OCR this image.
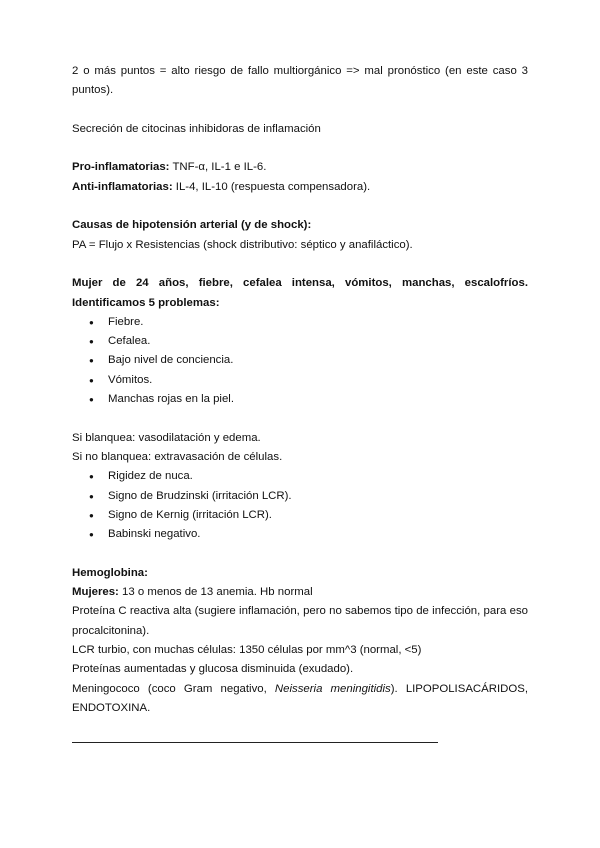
2 o más puntos = alto riesgo de fallo multiorgánico => mal pronóstico (en este caso 3 puntos).

Secreción de citocinas inhibidoras de inflamación

Pro-inflamatorias: TNF-α, IL-1 e IL-6.

Anti-inflamatorias: IL-4, IL-10 (respuesta compensadora).

Causas de hipotensión arterial (y de shock):

PA = Flujo x Resistencias (shock distributivo: séptico y anafiláctico).

Mujer de 24 años, fiebre, cefalea intensa, vómitos, manchas, escalofríos. Identificamos 5 problemas:

● Fiebre.
● Cefalea.
● Bajo nivel de conciencia.
● Vómitos.
● Manchas rojas en la piel.

Si blanquea: vasodilatación y edema.

Si no blanquea: extravasación de células.

● Rigidez de nuca.
● Signo de Brudzinski (irritación LCR).
● Signo de Kernig (irritación LCR).
● Babinski negativo.

Hemoglobina:

Mujeres: 13 o menos de 13 anemia. Hb normal

Proteína C reactiva alta (sugiere inflamación, pero no sabemos tipo de infección, para eso procalcitonina).

LCR turbio, con muchas células: 1350 células por mm^3 (normal, <5)

Proteínas aumentadas y glucosa disminuida (exudado).

Meningococo (coco Gram negativo, Neisseria meningitidis). LIPOPOLISACÁRIDOS, ENDOTOXINA.
